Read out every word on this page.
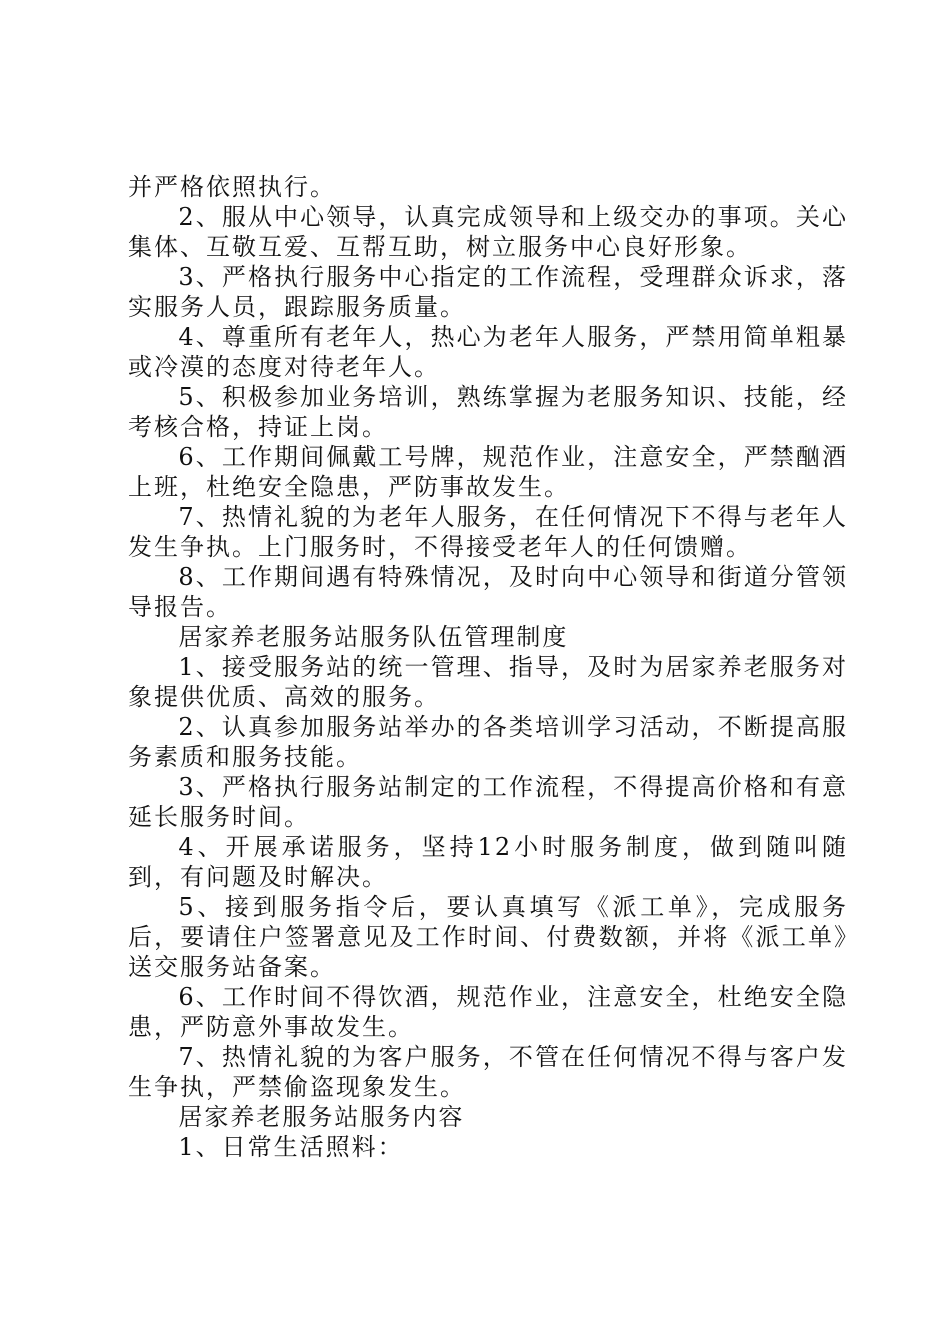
并严格依照执行。

2、服从中心领导，认真完成领导和上级交办的事项。关心集体、互敬互爱、互帮互助，树立服务中心良好形象。

3、严格执行服务中心指定的工作流程，受理群众诉求，落实服务人员，跟踪服务质量。

4、尊重所有老年人，热心为老年人服务，严禁用简单粗暴或冷漠的态度对待老年人。

5、积极参加业务培训，熟练掌握为老服务知识、技能，经考核合格，持证上岗。

6、工作期间佩戴工号牌，规范作业，注意安全，严禁酗酒上班，杜绝安全隐患，严防事故发生。

7、热情礼貌的为老年人服务，在任何情况下不得与老年人发生争执。上门服务时，不得接受老年人的任何馈赠。

8、工作期间遇有特殊情况，及时向中心领导和街道分管领导报告。

居家养老服务站服务队伍管理制度

1、接受服务站的统一管理、指导，及时为居家养老服务对象提供优质、高效的服务。

2、认真参加服务站举办的各类培训学习活动，不断提高服务素质和服务技能。

3、严格执行服务站制定的工作流程，不得提高价格和有意延长服务时间。

4、开展承诺服务，坚持12小时服务制度，做到随叫随到，有问题及时解决。

5、接到服务指令后，要认真填写《派工单》，完成服务后，要请住户签署意见及工作时间、付费数额，并将《派工单》送交服务站备案。

6、工作时间不得饮酒，规范作业，注意安全，杜绝安全隐患，严防意外事故发生。

7、热情礼貌的为客户服务，不管在任何情况不得与客户发生争执，严禁偷盗现象发生。

居家养老服务站服务内容

1、日常生活照料：
